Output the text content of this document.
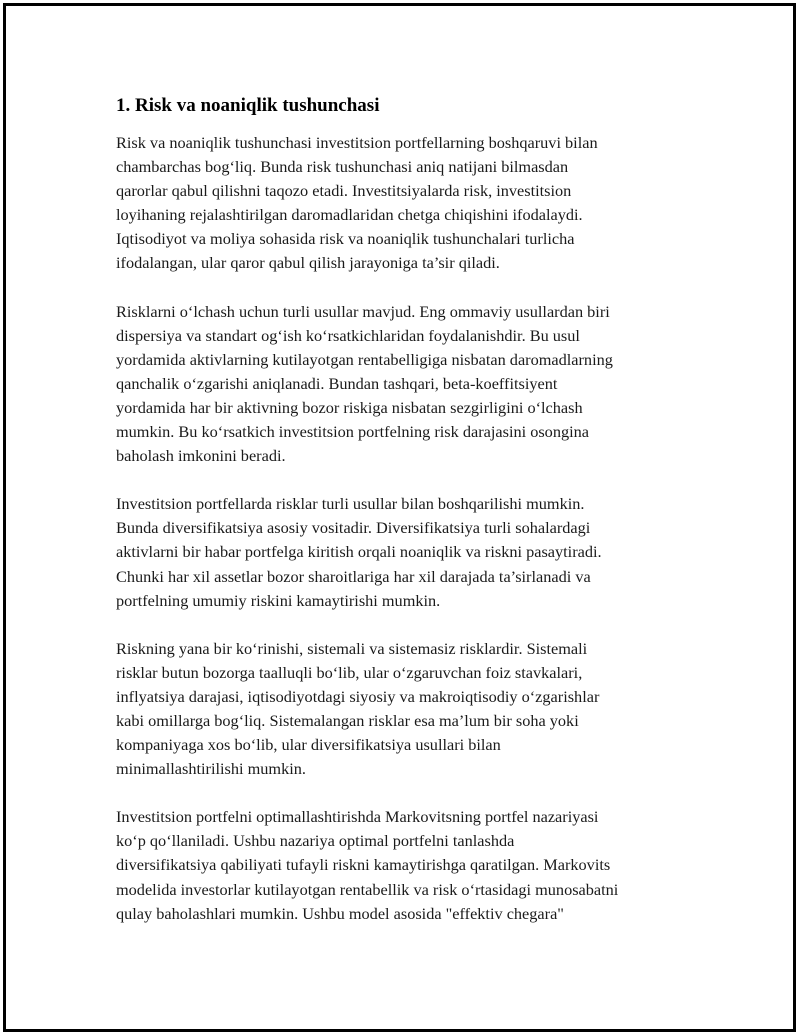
1. Risk va noaniqlik tushunchasi
Risk va noaniqlik tushunchasi investitsion portfellarning boshqaruvi bilan
chambarchas bog‘liq. Bunda risk tushunchasi aniq natijani bilmasdan
qarorlar qabul qilishni taqozo etadi. Investitsiyalarda risk, investitsion
loyihaning rejalashtirilgan daromadlaridan chetga chiqishini ifodalaydi.
Iqtisodiyot va moliya sohasida risk va noaniqlik tushunchalari turlicha
ifodalangan, ular qaror qabul qilish jarayoniga ta’sir qiladi.
Risklarni o‘lchash uchun turli usullar mavjud. Eng ommaviy usullardan biri
dispersiya va standart og‘ish ko‘rsatkichlaridan foydalanishdir. Bu usul
yordamida aktivlarning kutilayotgan rentabelligiga nisbatan daromadlarning
qanchalik o‘zgarishi aniqlanadi. Bundan tashqari, beta-koeffitsiyent
yordamida har bir aktivning bozor riskiga nisbatan sezgirligini o‘lchash
mumkin. Bu ko‘rsatkich investitsion portfelning risk darajasini osongina
baholash imkonini beradi.
Investitsion portfellarda risklar turli usullar bilan boshqarilishi mumkin.
Bunda diversifikatsiya asosiy vositadir. Diversifikatsiya turli sohalardagi
aktivlarni bir habar portfelga kiritish orqali noaniqlik va riskni pasaytiradi.
Chunki har xil assetlar bozor sharoitlariga har xil darajada ta’sirlanadi va
portfelning umumiy riskini kamaytirishi mumkin.
Riskning yana bir ko‘rinishi, sistemali va sistemasiz risklardir. Sistemali
risklar butun bozorga taalluqli bo‘lib, ular o‘zgaruvchan foiz stavkalari,
inflyatsiya darajasi, iqtisodiyotdagi siyosiy va makroiqtisodiy o‘zgarishlar
kabi omillarga bog‘liq. Sistemalangan risklar esa ma’lum bir soha yoki
kompaniyaga xos bo‘lib, ular diversifikatsiya usullari bilan
minimallashtirilishi mumkin.
Investitsion portfelni optimallashtirishda Markovitsning portfel nazariyasi
ko‘p qo‘llaniladi. Ushbu nazariya optimal portfelni tanlashda
diversifikatsiya qabiliyati tufayli riskni kamaytirishga qaratilgan. Markovits
modelida investorlar kutilayotgan rentabellik va risk o‘rtasidagi munosabatni
qulay baholashlari mumkin. Ushbu model asosida "effektiv chegara"
